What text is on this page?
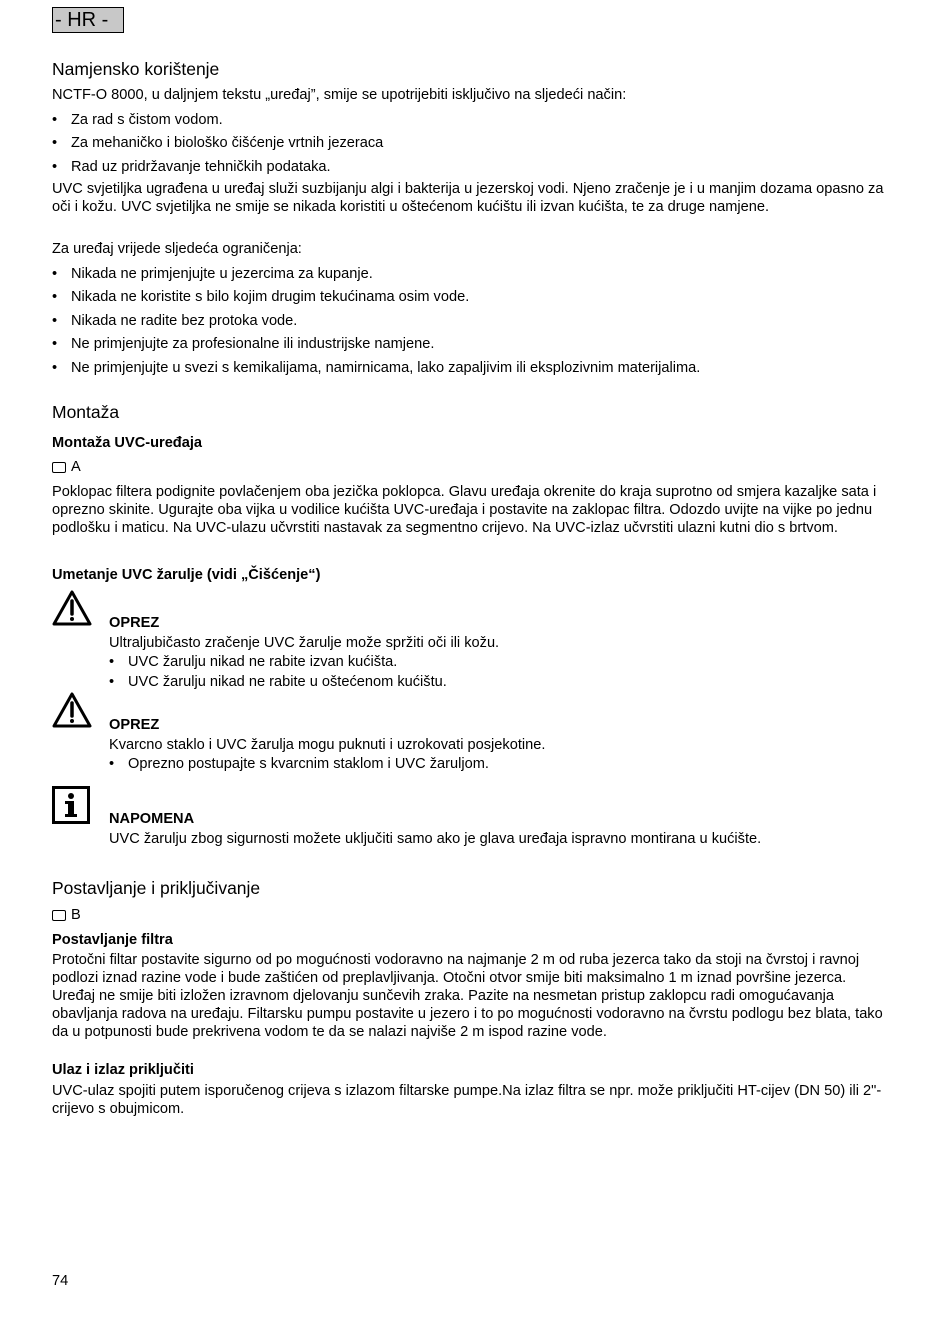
- HR -
Namjensko korištenje

NCTF-O 8000, u daljnjem tekstu „uređaj”, smije se upotrijebiti isključivo na sljedeći način:

• Za rad s čistom vodom.
• Za mehaničko i biološko čišćenje vrtnih jezeraca
• Rad uz pridržavanje tehničkih podataka.

UVC svjetiljka ugrađena u uređaj služi suzbijanju algi i bakterija u jezerskoj vodi. Njeno zračenje je i u manjim dozama opasno za oči i kožu. UVC svjetiljka ne smije se nikada koristiti u oštećenom kućištu ili izvan kućišta, te za druge namjene.

Za uređaj vrijede sljedeća ograničenja:

• Nikada ne primjenjujte u jezercima za kupanje.
• Nikada ne koristite s bilo kojim drugim tekućinama osim vode.
• Nikada ne radite bez protoka vode.
• Ne primjenjujte za profesionalne ili industrijske namjene.
• Ne primjenjujte u svezi s kemikalijama, namirnicama, lako zapaljivim ili eksplozivnim materijalima.
Montaža
Montaža UVC-uređaja
A

Poklopac filtera podignite povlačenjem oba jezička poklopca. Glavu uređaja okrenite do kraja suprotno od smjera kazaljke sata i oprezno skinite. Ugurajte oba vijka u vodilice kućišta UVC-uređaja i postavite na zaklopac filtra. Odozdo uvijte na vijke po jednu podlošku i maticu. Na UVC-ulazu učvrstiti nastavak za segmentno crijevo. Na UVC-izlaz učvrstiti ulazni kutni dio s brtvom.

Umetanje UVC žarulje (vidi „Čišćenje“)
OPREZ

Ultraljubičasto zračenje UVC žarulje može spržiti oči ili kožu.

• UVC žarulju nikad ne rabite izvan kućišta.
• UVC žarulju nikad ne rabite u oštećenom kućištu.
OPREZ

Kvarcno staklo i UVC žarulja mogu puknuti i uzrokovati posjekotine.

• Oprezno postupajte s kvarcnim staklom i UVC žaruljom.
NAPOMENA

UVC žarulju zbog sigurnosti možete uključiti samo ako je glava uređaja ispravno montirana u kućište.

Postavljanje i priključivanje
B
Postavljanje filtra

Protočni filtar postavite sigurno od po mogućnosti vodoravno na najmanje 2 m od ruba jezerca tako da stoji na čvrstoj i ravnoj podlozi iznad razine vode i bude zaštićen od preplavljivanja. Otočni otvor smije biti maksimalno 1 m iznad površine jezerca. Uređaj ne smije biti izložen izravnom djelovanju sunčevih zraka. Pazite na nesmetan pristup zaklopcu radi omogućavanja obavljanja radova na uređaju. Filtarsku pumpu postavite u jezero i to po mogućnosti vodoravno na čvrstu podlogu bez blata, tako da u potpunosti bude prekrivena vodom te da se nalazi najviše 2 m ispod razine vode.

Ulaz i izlaz priključiti

UVC-ulaz spojiti putem isporučenog crijeva s izlazom filtarske pumpe.Na izlaz filtra se npr. može priključiti HT-cijev (DN 50) ili 2"-crijevo s obujmicom.

74
